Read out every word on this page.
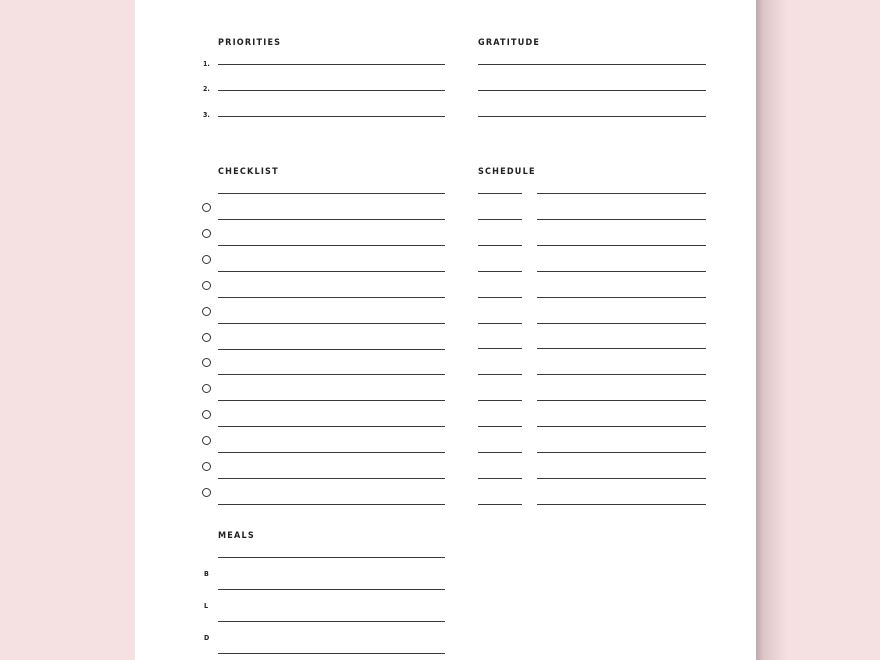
PRIORITIES
1.
2.
3.
GRATITUDE
CHECKLIST	SCHEDULE
MEALS
B
L
D
